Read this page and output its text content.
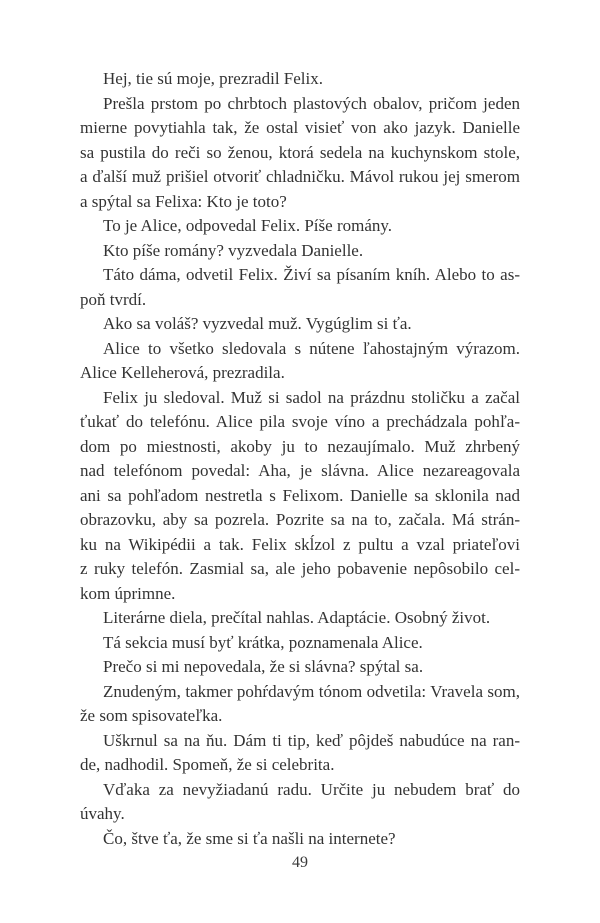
Hej, tie sú moje, prezradil Felix.
Prešla prstom po chrbtoch plastových obalov, pričom jeden
mierne povytiahla tak, že ostal visieť von ako jazyk. Danielle
sa pustila do reči so ženou, ktorá sedela na kuchynskom stole,
a ďalší muž prišiel otvoriť chladničku. Mávol rukou jej smerom
a spýtal sa Felixa: Kto je toto?
To je Alice, odpovedal Felix. Píše romány.
Kto píše romány? vyzvedala Danielle.
Táto dáma, odvetil Felix. Živí sa písaním kníh. Alebo to as-
poň tvrdí.
Ako sa voláš? vyzvedal muž. Vygúglim si ťa.
Alice to všetko sledovala s nútene ľahostajným výrazom.
Alice Kelleherová, prezradila.
Felix ju sledoval. Muž si sadol na prázdnu stoličku a začal
ťukať do telefónu. Alice pila svoje víno a prechádzala pohľa-
dom po miestnosti, akoby ju to nezaujímalo. Muž zhrbený
nad telefónom povedal: Aha, je slávna. Alice nezareagovala
ani sa pohľadom nestretla s Felixom. Danielle sa sklonila nad
obrazovku, aby sa pozrela. Pozrite sa na to, začala. Má strán-
ku na Wikipédii a tak. Felix skĺzol z pultu a vzal priateľovi
z ruky telefón. Zasmial sa, ale jeho pobavenie nepôsobilo cel-
kom úprimne.
Literárne diela, prečítal nahlas. Adaptácie. Osobný život.
Tá sekcia musí byť krátka, poznamenala Alice.
Prečo si mi nepovedala, že si slávna? spýtal sa.
Znudeným, takmer pohŕdavým tónom odvetila: Vravela som,
že som spisovateľka.
Uškrnul sa na ňu. Dám ti tip, keď pôjdeš nabudúce na ran-
de, nadhodil. Spomeň, že si celebrita.
Vďaka za nevyžiadanú radu. Určite ju nebudem brať do úvahy.
Čo, štve ťa, že sme si ťa našli na internete?
49
